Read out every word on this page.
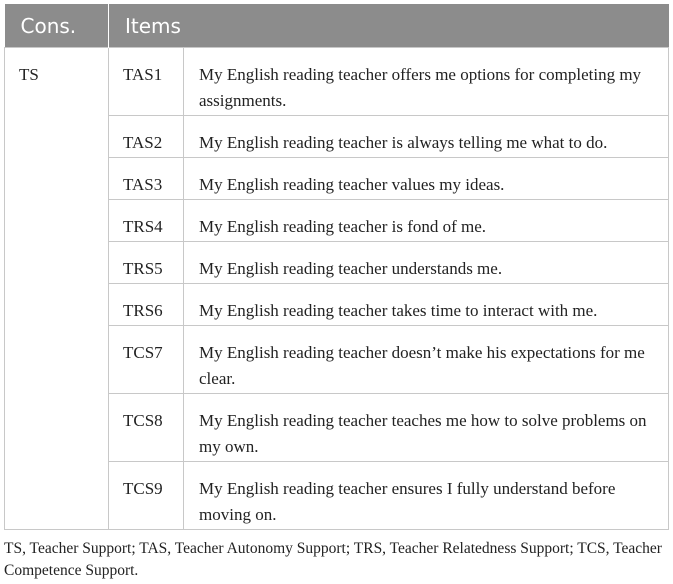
Cons.	Items	
TS	TAS1	My English reading teacher offers me options for completing my assignments.
	TAS2	My English reading teacher is always telling me what to do.
	TAS3	My English reading teacher values my ideas.
	TRS4	My English reading teacher is fond of me.
	TRS5	My English reading teacher understands me.
	TRS6	My English reading teacher takes time to interact with me.
	TCS7	My English reading teacher doesn’t make his expectations for me clear.
	TCS8	My English reading teacher teaches me how to solve problems on my own.
	TCS9	My English reading teacher ensures I fully understand before moving on.
TS, Teacher Support; TAS, Teacher Autonomy Support; TRS, Teacher Relatedness Support; TCS, Teacher Competence Support.
